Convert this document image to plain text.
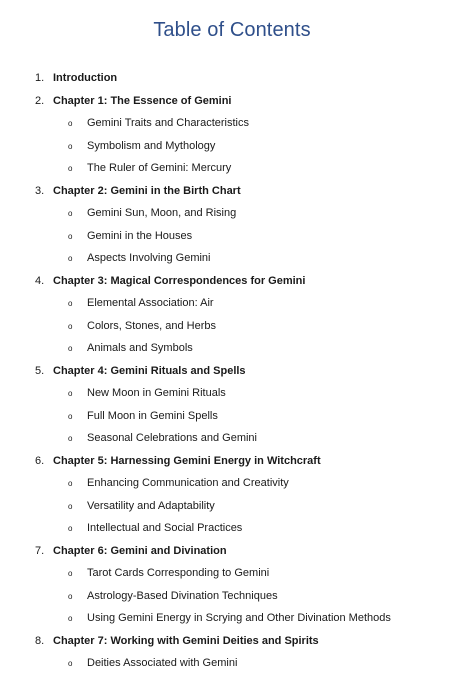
Table of Contents
1. Introduction
2. Chapter 1: The Essence of Gemini
o Gemini Traits and Characteristics
o Symbolism and Mythology
o The Ruler of Gemini: Mercury
3. Chapter 2: Gemini in the Birth Chart
o Gemini Sun, Moon, and Rising
o Gemini in the Houses
o Aspects Involving Gemini
4. Chapter 3: Magical Correspondences for Gemini
o Elemental Association: Air
o Colors, Stones, and Herbs
o Animals and Symbols
5. Chapter 4: Gemini Rituals and Spells
o New Moon in Gemini Rituals
o Full Moon in Gemini Spells
o Seasonal Celebrations and Gemini
6. Chapter 5: Harnessing Gemini Energy in Witchcraft
o Enhancing Communication and Creativity
o Versatility and Adaptability
o Intellectual and Social Practices
7. Chapter 6: Gemini and Divination
o Tarot Cards Corresponding to Gemini
o Astrology-Based Divination Techniques
o Using Gemini Energy in Scrying and Other Divination Methods
8. Chapter 7: Working with Gemini Deities and Spirits
o Deities Associated with Gemini
